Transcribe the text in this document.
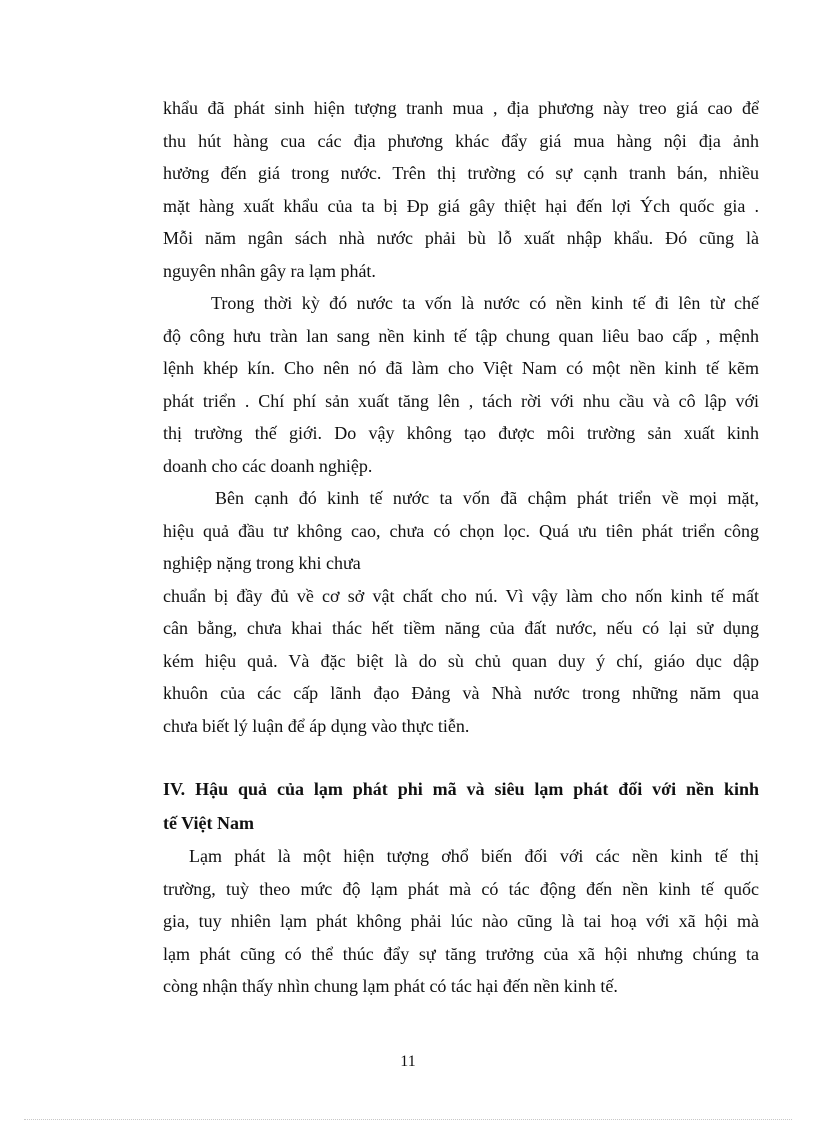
khẩu đã phát sinh hiện tượng tranh mua , địa phương này treo giá cao để
thu hút hàng cua các địa phương khác đẩy giá mua hàng nội địa ảnh
hưởng đến giá trong nước. Trên thị trường có sự cạnh tranh bán, nhiều
mặt hàng xuất khẩu của ta bị Đp giá gây thiệt hại đến lợi Ých quốc gia .
Mỗi năm ngân sách nhà nước phải bù lỗ xuất nhập khẩu. Đó cũng là
nguyên nhân gây ra lạm phát.
Trong thời kỳ đó nước ta vốn là nước có nền kinh tế đi lên từ chế
độ công hưu tràn lan sang nền kinh tế tập chung quan liêu bao cấp , mệnh
lệnh khép kín. Cho nên nó đã làm cho Việt Nam có một nền kinh tế kẽm
phát triển . Chí phí sản xuất tăng lên , tách rời với nhu cầu và cô lập với
thị trường thế giới. Do vậy không tạo được môi trường sản xuất kinh
doanh cho các doanh nghiệp.
Bên cạnh đó kinh tế nước ta vốn đã chậm phát triển về mọi mặt,
hiệu quả đầu tư không cao, chưa có chọn lọc. Quá ưu tiên phát triển công
nghiệp nặng trong khi chưa
chuẩn bị đầy đủ về cơ sở vật chất cho nú. Vì vậy làm cho nốn kinh tế mất
cân bằng, chưa khai thác hết tiềm năng của đất nước, nếu có lại sử dụng
kém hiệu quả. Và đặc biệt là do sù chủ quan duy ý chí, giáo dục dập
khuôn của các cấp lãnh đạo Đảng và Nhà nước trong những năm qua
chưa biết lý luận để áp dụng vào thực tiễn.
IV. Hậu quả của lạm phát phi mã và siêu lạm phát đối với nền kinh
tế Việt Nam
Lạm phát là một hiện tượng ơhổ biến đối với các nền kinh tế thị
trường, tuỳ theo mức độ lạm phát mà có tác động đến nền kinh tế quốc
gia, tuy nhiên lạm phát không phải lúc nào cũng là tai hoạ với xã hội mà
lạm phát cũng có thể thúc đẩy sự tăng trưởng của xã hội nhưng chúng ta
còng nhận thấy nhìn chung lạm phát có tác hại đến nền kinh tế.
11
